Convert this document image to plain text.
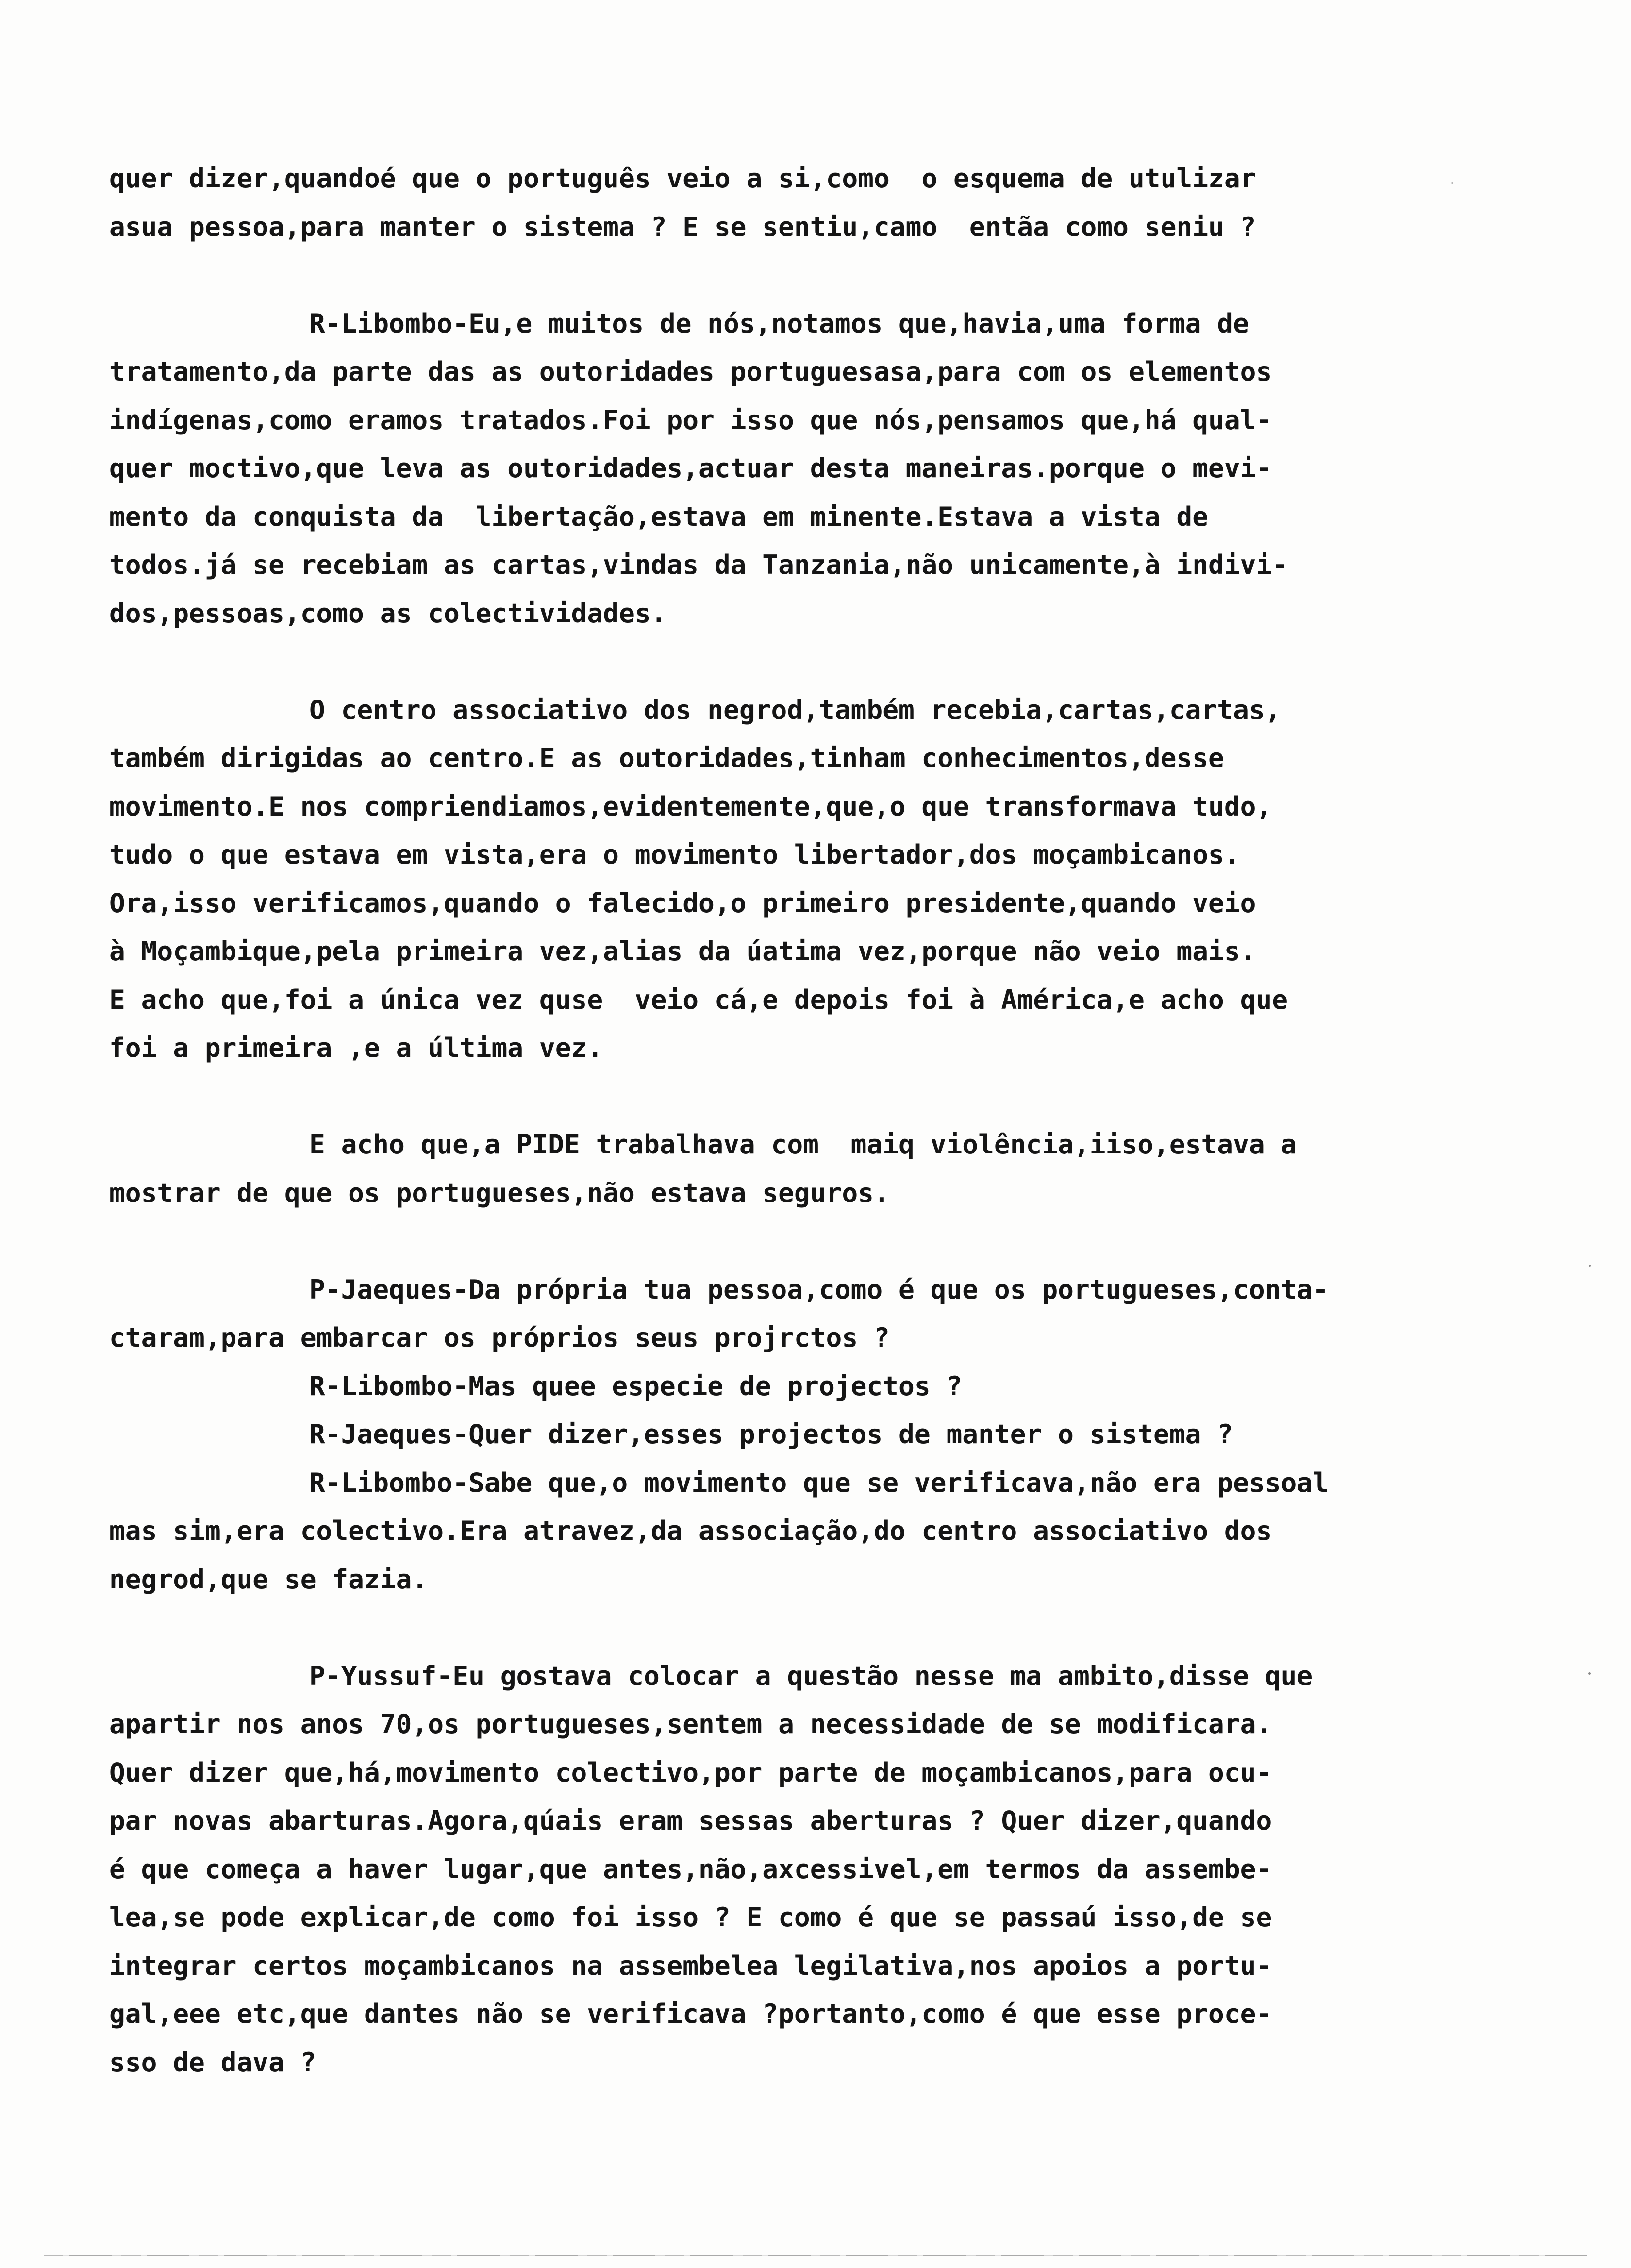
quer dizer,quandoé que o português veio a si,como  o esquema de utulizar
asua pessoa,para manter o sistema ? E se sentiu,camo  entãa como seniu ?
R-Libombo-Eu,e muitos de nós,notamos que,havia,uma forma de
tratamento,da parte das as outoridades portuguesasa,para com os elementos
indígenas,como eramos tratados.Foi por isso que nós,pensamos que,há qual-
quer moctivo,que leva as outoridades,actuar desta maneiras.porque o mevi-
mento da conquista da  libertação,estava em minente.Estava a vista de
todos.já se recebiam as cartas,vindas da Tanzania,não unicamente,à indivi-
dos,pessoas,como as colectividades.
O centro associativo dos negrod,também recebia,cartas,cartas,
também dirigidas ao centro.E as outoridades,tinham conhecimentos,desse
movimento.E nos compriendiamos,evidentemente,que,o que transformava tudo,
tudo o que estava em vista,era o movimento libertador,dos moçambicanos.
Ora,isso verificamos,quando o falecido,o primeiro presidente,quando veio
à Moçambique,pela primeira vez,alias da úatima vez,porque não veio mais.
E acho que,foi a única vez quse  veio cá,e depois foi à América,e acho que
foi a primeira ,e a última vez.
E acho que,a PIDE trabalhava com  maiq violência,iiso,estava a
mostrar de que os portugueses,não estava seguros.
P-Jaeques-Da própria tua pessoa,como é que os portugueses,conta-
ctaram,para embarcar os próprios seus projrctos ?
R-Libombo-Mas quee especie de projectos ?
R-Jaeques-Quer dizer,esses projectos de manter o sistema ?
R-Libombo-Sabe que,o movimento que se verificava,não era pessoal
mas sim,era colectivo.Era atravez,da associação,do centro associativo dos
negrod,que se fazia.
P-Yussuf-Eu gostava colocar a questão nesse ma ambito,disse que
apartir nos anos 70,os portugueses,sentem a necessidade de se modificara.
Quer dizer que,há,movimento colectivo,por parte de moçambicanos,para ocu-
par novas abarturas.Agora,qúais eram sessas aberturas ? Quer dizer,quando
é que começa a haver lugar,que antes,não,axcessivel,em termos da assembe-
lea,se pode explicar,de como foi isso ? E como é que se passaú isso,de se
integrar certos moçambicanos na assembelea legilativa,nos apoios a portu-
gal,eee etc,que dantes não se verificava ?portanto,como é que esse proce-
sso de dava ?
